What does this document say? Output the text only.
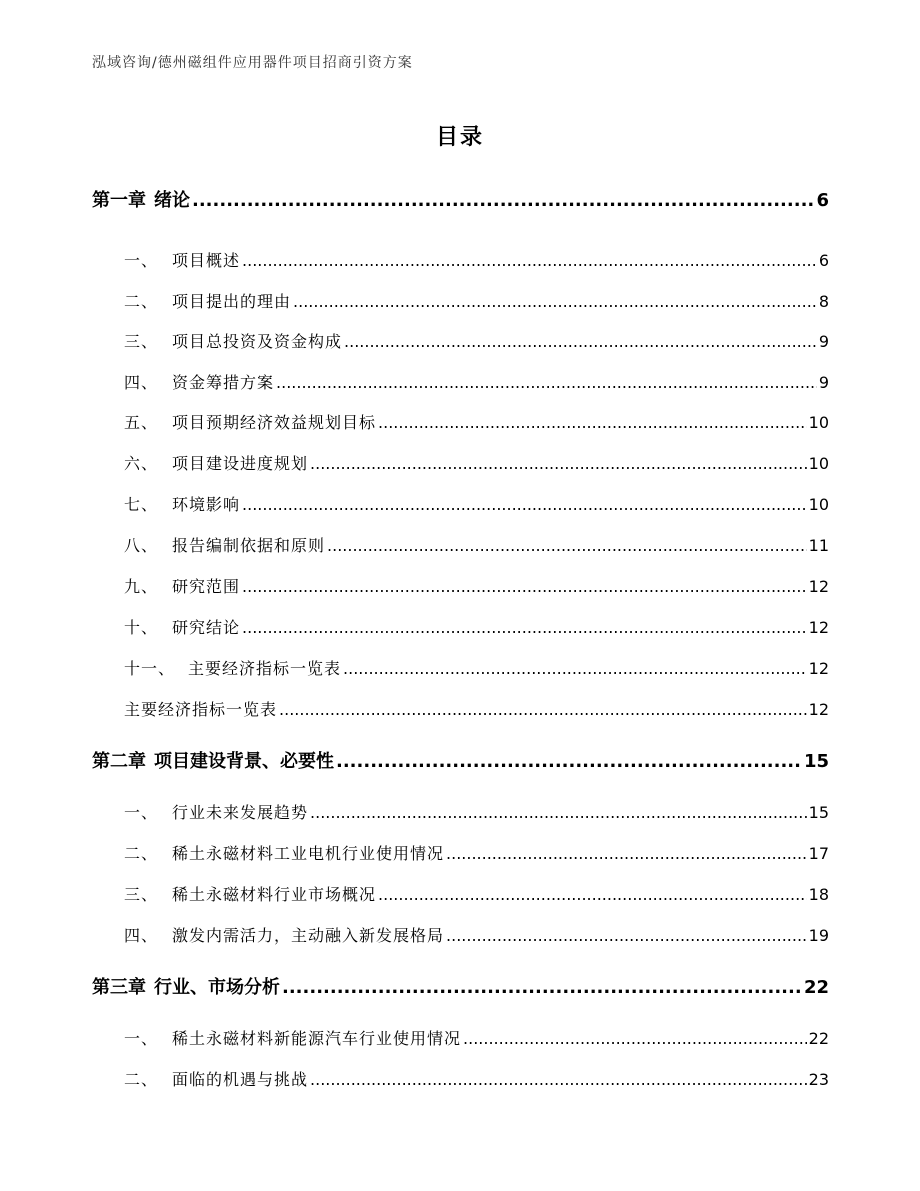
泓域咨询/德州磁组件应用器件项目招商引资方案
目录
第一章 绪论 .....	6
一、 项目概述 .....	6
二、 项目提出的理由 .....	8
三、 项目总投资及资金构成 .....	9
四、 资金筹措方案 .....	9
五、 项目预期经济效益规划目标 .....	10
六、 项目建设进度规划 .....	10
七、 环境影响 .....	10
八、 报告编制依据和原则 .....	11
九、 研究范围 .....	12
十、 研究结论 .....	12
十一、 主要经济指标一览表 .....	12
主要经济指标一览表 .....	12
第二章 项目建设背景、必要性 .....	15
一、 行业未来发展趋势 .....	15
二、 稀土永磁材料工业电机行业使用情况 .....	17
三、 稀土永磁材料行业市场概况 .....	18
四、 激发内需活力，主动融入新发展格局 .....	19
第三章 行业、市场分析 .....	22
一、 稀土永磁材料新能源汽车行业使用情况 .....	22
二、 面临的机遇与挑战 .....	23
